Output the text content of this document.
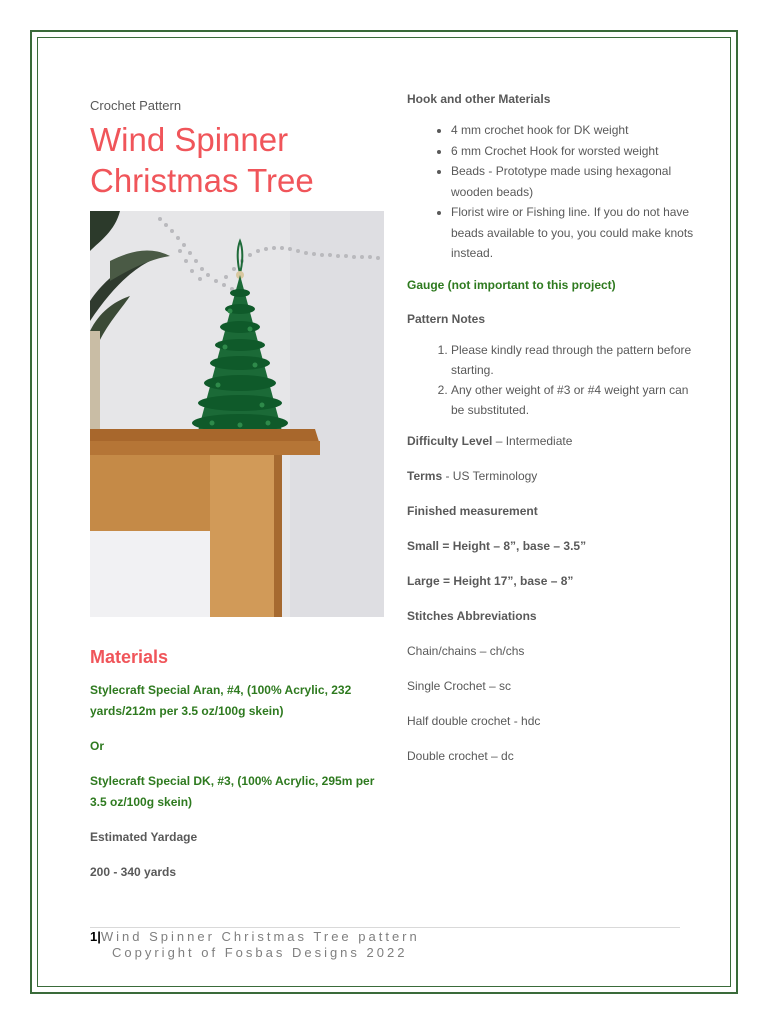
Crochet Pattern

Wind Spinner
Christmas Tree
Materials

Stylecraft Special Aran, #4, (100% Acrylic, 232 yards/212m per 3.5 oz/100g skein)

Or

Stylecraft Special DK, #3, (100% Acrylic, 295m per 3.5 oz/100g skein)

Estimated Yardage

200 - 340 yards

Hook and other Materials

• 4 mm crochet hook for DK weight
• 6 mm Crochet Hook for worsted weight
• Beads - Prototype made using hexagonal wooden beads)
• Florist wire or Fishing line. If you do not have beads available to you, you could make knots instead.

Gauge (not important to this project)

Pattern Notes

1. Please kindly read through the pattern before starting.
2. Any other weight of #3 or #4 weight yarn can be substituted.

Difficulty Level – Intermediate

Terms - US Terminology

Finished measurement

Small = Height – 8”, base – 3.5”

Large = Height 17”, base – 8”

Stitches Abbreviations

Chain/chains – ch/chs

Single Crochet – sc

Half double crochet - hdc

Double crochet – dc

1|Wind Spinner Christmas Tree pattern
Copyright of Fosbas Designs 2022
